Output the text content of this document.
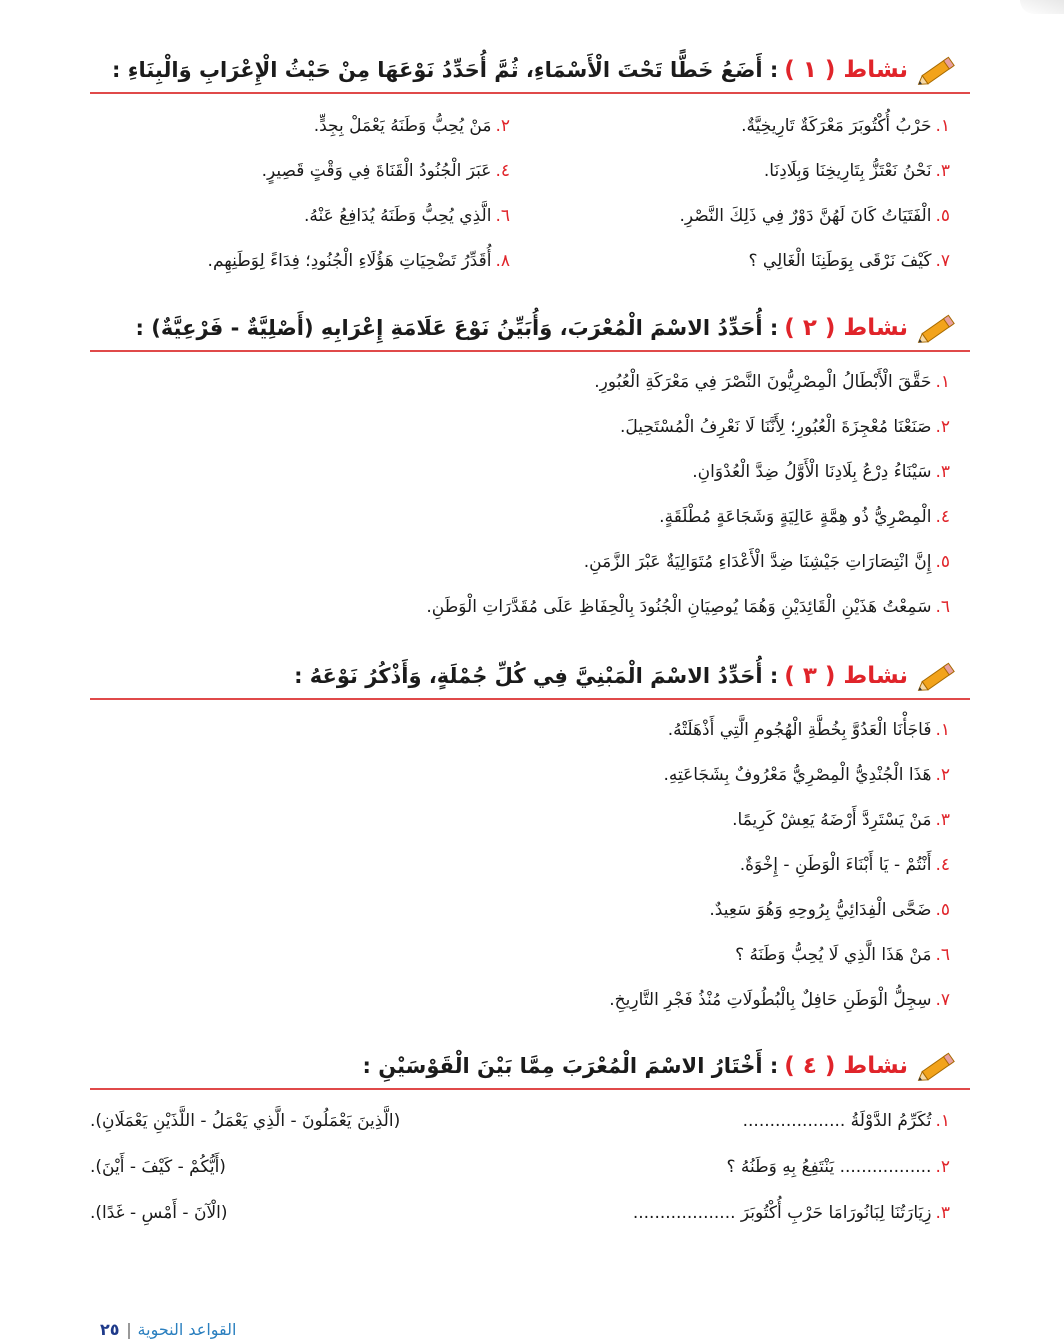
نشاط ( ١ )
: أَضَعُ خَطًّا تَحْتَ الْأَسْمَاءِ، ثُمَّ أُحَدِّدُ نَوْعَهَا مِنْ حَيْثُ الْإِعْرَابِ وَالْبِنَاءِ :
١.حَرْبُ أُكْتُوبَرَ مَعْرَكَةٌ تَارِيخِيَّةٌ.
٢.مَنْ يُحِبُّ وَطَنَهُ يَعْمَلْ بِجِدٍّ.
٣.نَحْنُ نَعْتَزُّ بِتَارِيخِنَا وَبِلَادِنَا.
٤.عَبَرَ الْجُنُودُ الْقَنَاةَ فِي وَقْتٍ قَصِيرٍ.
٥.الْفَتَيَاتُ كَانَ لَهُنَّ دَوْرٌ فِي ذَلِكَ النَّصْرِ.
٦.الَّذِي يُحِبُّ وَطَنَهُ يُدَافِعُ عَنْهُ.
٧.كَيْفَ نَرْقَى بِوَطَنِنَا الْغَالِي ؟
٨.أُقَدِّرُ تَضْحِيَاتِ هَؤُلَاءِ الْجُنُودِ؛ فِدَاءً لِوَطَنِهِم.
نشاط ( ٢ )
: أُحَدِّدُ الاسْمَ الْمُعْرَبَ، وَأُبَيِّنُ نَوْعَ عَلَامَةِ إِعْرَابِهِ (أَصْلِيَّةٌ - فَرْعِيَّةٌ) :
١.حَقَّقَ الْأَبْطَالُ الْمِصْرِيُّونَ النَّصْرَ فِي مَعْرَكَةِ الْعُبُورِ.
٢.صَنَعْنَا مُعْجِزَةَ الْعُبُورِ؛ لِأَنَّنَا لَا نَعْرِفُ الْمُسْتَحِيلَ.
٣.سَيْنَاءُ دِرْعُ بِلَادِنَا الْأَوَّلُ ضِدَّ الْعُدْوَانِ.
٤.الْمِصْرِيُّ ذُو هِمَّةٍ عَالِيَةٍ وَشَجَاعَةٍ مُطْلَقَةٍ.
٥.إِنَّ انْتِصَارَاتِ جَيْشِنَا ضِدَّ الْأَعْدَاءِ مُتَوَالِيَةٌ عَبْرَ الزَّمَنِ.
٦.سَمِعْتُ هَذَيْنِ الْقَائِدَيْنِ وَهُمَا يُوصِيَانِ الْجُنُودَ بِالْحِفَاظِ عَلَى مُقَدَّرَاتِ الْوَطَنِ.
نشاط ( ٣ )
: أُحَدِّدُ الاسْمَ الْمَبْنِيَّ فِي كُلِّ جُمْلَةٍ، وَأَذْكُرُ نَوْعَهُ :
١.فَاجَأْنَا الْعَدُوَّ بِخُطَّةِ الْهُجُومِ الَّتِي أَذْهَلَتْهُ.
٢.هَذَا الْجُنْدِيُّ الْمِصْرِيُّ مَعْرُوفٌ بِشَجَاعَتِهِ.
٣.مَنْ يَسْتَرِدَّ أَرْضَهُ يَعِشْ كَرِيمًا.
٤.أَنْتُمْ - يَا أَبْنَاءَ الْوَطَنِ - إِخْوَةٌ.
٥.ضَحَّى الْفِدَائِيُّ بِرُوحِهِ وَهُوَ سَعِيدٌ.
٦.مَنْ هَذَا الَّذِي لَا يُحِبُّ وَطَنَهُ ؟
٧.سِجِلُّ الْوَطَنِ حَافِلٌ بِالْبُطُولَاتِ مُنْذُ فَجْرِ التَّارِيخِ.
نشاط ( ٤ )
: أَخْتَارُ الاسْمَ الْمُعْرَبَ مِمَّا بَيْنَ الْقَوْسَيْنِ :
١.تُكَرِّمُ الدَّوْلَةُ ...................
(الَّذِينَ يَعْمَلُونَ - الَّذِي يَعْمَلُ - اللَّذَيْنِ يَعْمَلَانِ).
٢.................. يَنْتَفِعُ بِهِ وَطَنُهُ ؟
(أَيُّكُمْ - كَيْفَ - أَيْنَ).
٣.زِيَارَتُنَا لِبَانُورَامَا حَرْبِ أُكْتُوبَرَ ...................
(الْآنَ - أَمْسِ - غَدًا).
القواعد النحوية٢٥
